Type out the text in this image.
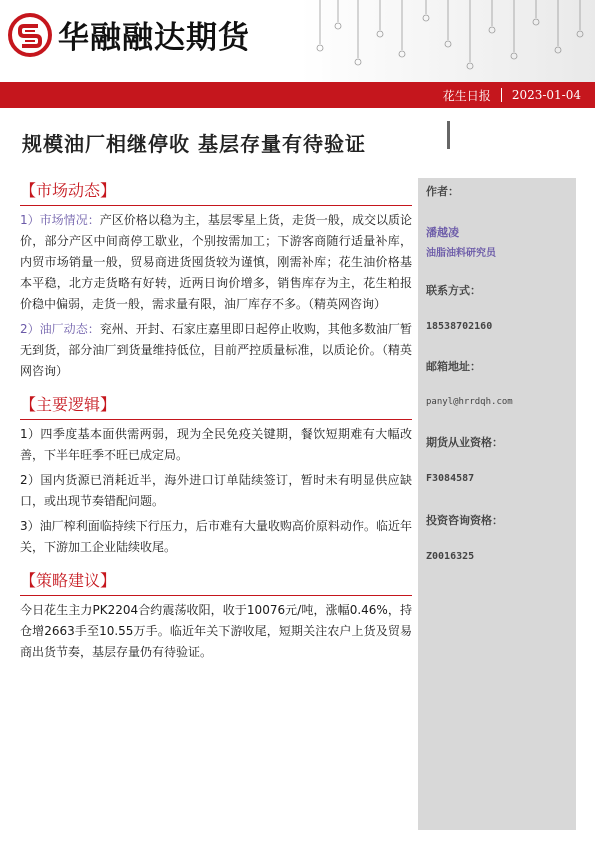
华融融达期货
花生日报 2023-01-04
规模油厂相继停收 基层存量有待验证
【市场动态】

1）市场情况：产区价格以稳为主，基层零星上货，走货一般，成交以质论价，部分产区中间商停工歇业，个别按需加工；下游客商随行适量补库，内贸市场销量一般，贸易商进货囤货较为谨慎，刚需补库；花生油价格基本平稳，北方走货略有好转，近两日询价增多，销售库存为主，花生粕报价稳中偏弱，走货一般，需求量有限，油厂库存不多。（精英网咨询）

2）油厂动态：兖州、开封、石家庄嘉里即日起停止收购，其他多数油厂暂无到货，部分油厂到货量维持低位，目前严控质量标准，以质论价。（精英网咨询）

【主要逻辑】

1）四季度基本面供需两弱，现为全民免疫关键期，餐饮短期难有大幅改善，下半年旺季不旺已成定局。

2）国内货源已消耗近半，海外进口订单陆续签订，暂时未有明显供应缺口，或出现节奏错配问题。

3）油厂榨利面临持续下行压力，后市难有大量收购高价原料动作。临近年关，下游加工企业陆续收尾。

【策略建议】

今日花生主力PK2204合约震荡收阳，收于10076元/吨，涨幅0.46%，持仓增2663手至10.55万手。临近年关下游收尾，短期关注农户上货及贸易商出货节奏，基层存量仍有待验证。

作者：
潘越凌
油脂油料研究员
联系方式：
18538702160
邮箱地址：
panyl@hrrdqh.com
期货从业资格：
F3084587
投资咨询资格：
Z0016325
